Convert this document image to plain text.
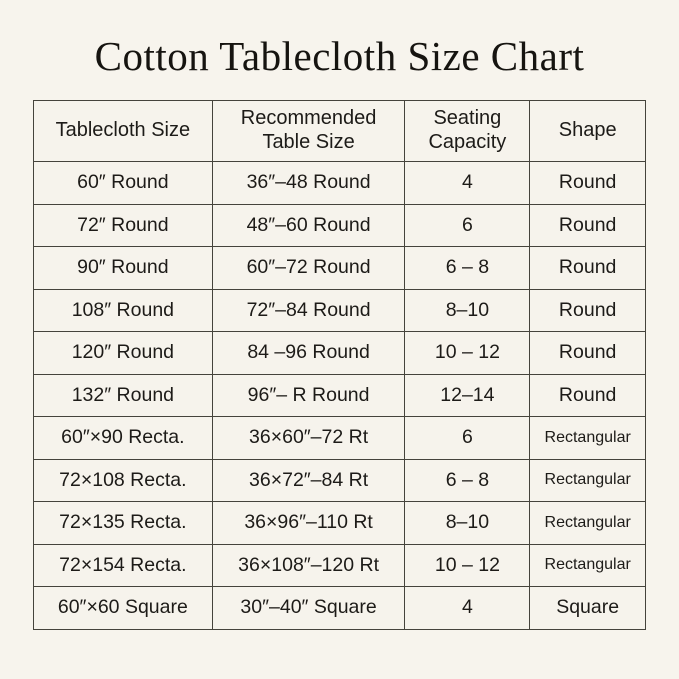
Cotton Tablecloth Size Chart
Tablecloth Size	Recommended Table Size	Seating Capacity	Shape
60″ Round	36″–48 Round	4	Round
72″ Round	48″–60 Round	6	Round
90″ Round	60″–72 Round	6 – 8	Round
108″ Round	72″–84 Round	8–10	Round
120″ Round	84 –96 Round	10 – 12	Round
132″ Round	96″– R Round	12–14	Round
60″×90 Recta.	36×60″–72 Rt	6	Rectangular
72×108 Recta.	36×72″–84 Rt	6 – 8	Rectangular
72×135 Recta.	36×96″–110 Rt	8–10	Rectangular
72×154 Recta.	36×108″–120 Rt	10 – 12	Rectangular
60″×60 Square	30″–40″ Square	4	Square
